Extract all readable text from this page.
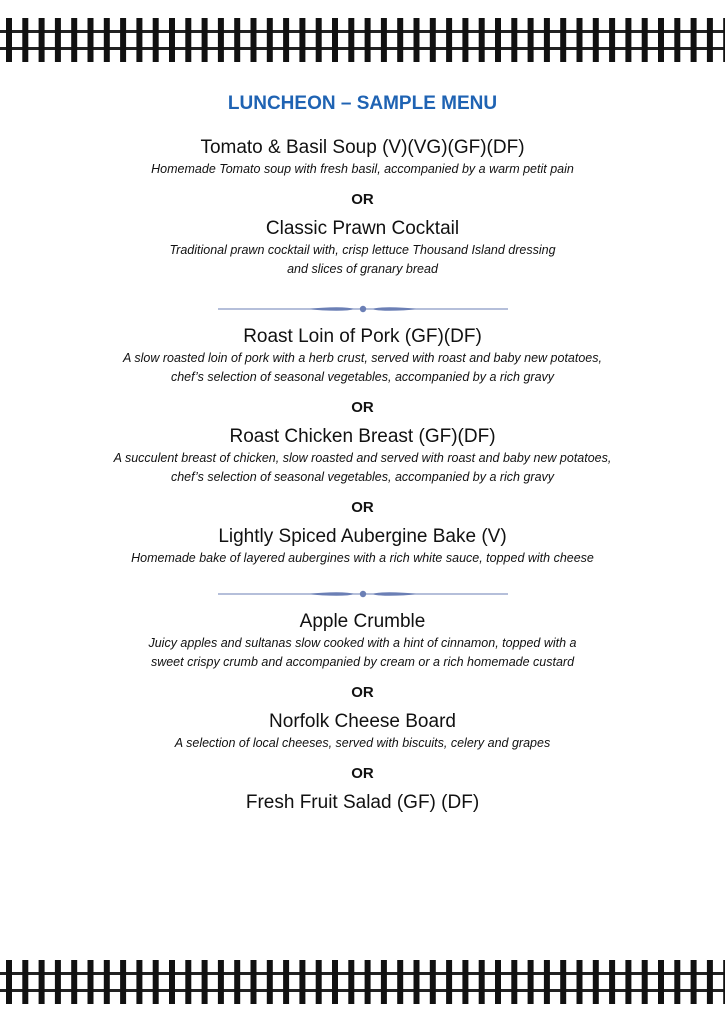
LUNCHEON – SAMPLE MENU
Tomato & Basil Soup (V)(VG)(GF)(DF)
Homemade Tomato soup with fresh basil, accompanied by a warm petit pain
OR
Classic Prawn Cocktail
Traditional prawn cocktail with, crisp lettuce Thousand Island dressing
and slices of granary bread
Roast Loin of Pork (GF)(DF)
A slow roasted loin of pork with a herb crust, served with roast and baby new potatoes,
chef’s selection of seasonal vegetables, accompanied by a rich gravy
OR
Roast Chicken Breast (GF)(DF)
A succulent breast of chicken, slow roasted and served with roast and baby new potatoes,
chef’s selection of seasonal vegetables, accompanied by a rich gravy
OR
Lightly Spiced Aubergine Bake (V)
Homemade bake of layered aubergines with a rich white sauce, topped with cheese
Apple Crumble
Juicy apples and sultanas slow cooked with a hint of cinnamon, topped with a
sweet crispy crumb and accompanied by cream or a rich homemade custard
OR
Norfolk Cheese Board
A selection of local cheeses, served with biscuits, celery and grapes
OR
Fresh Fruit Salad (GF) (DF)
